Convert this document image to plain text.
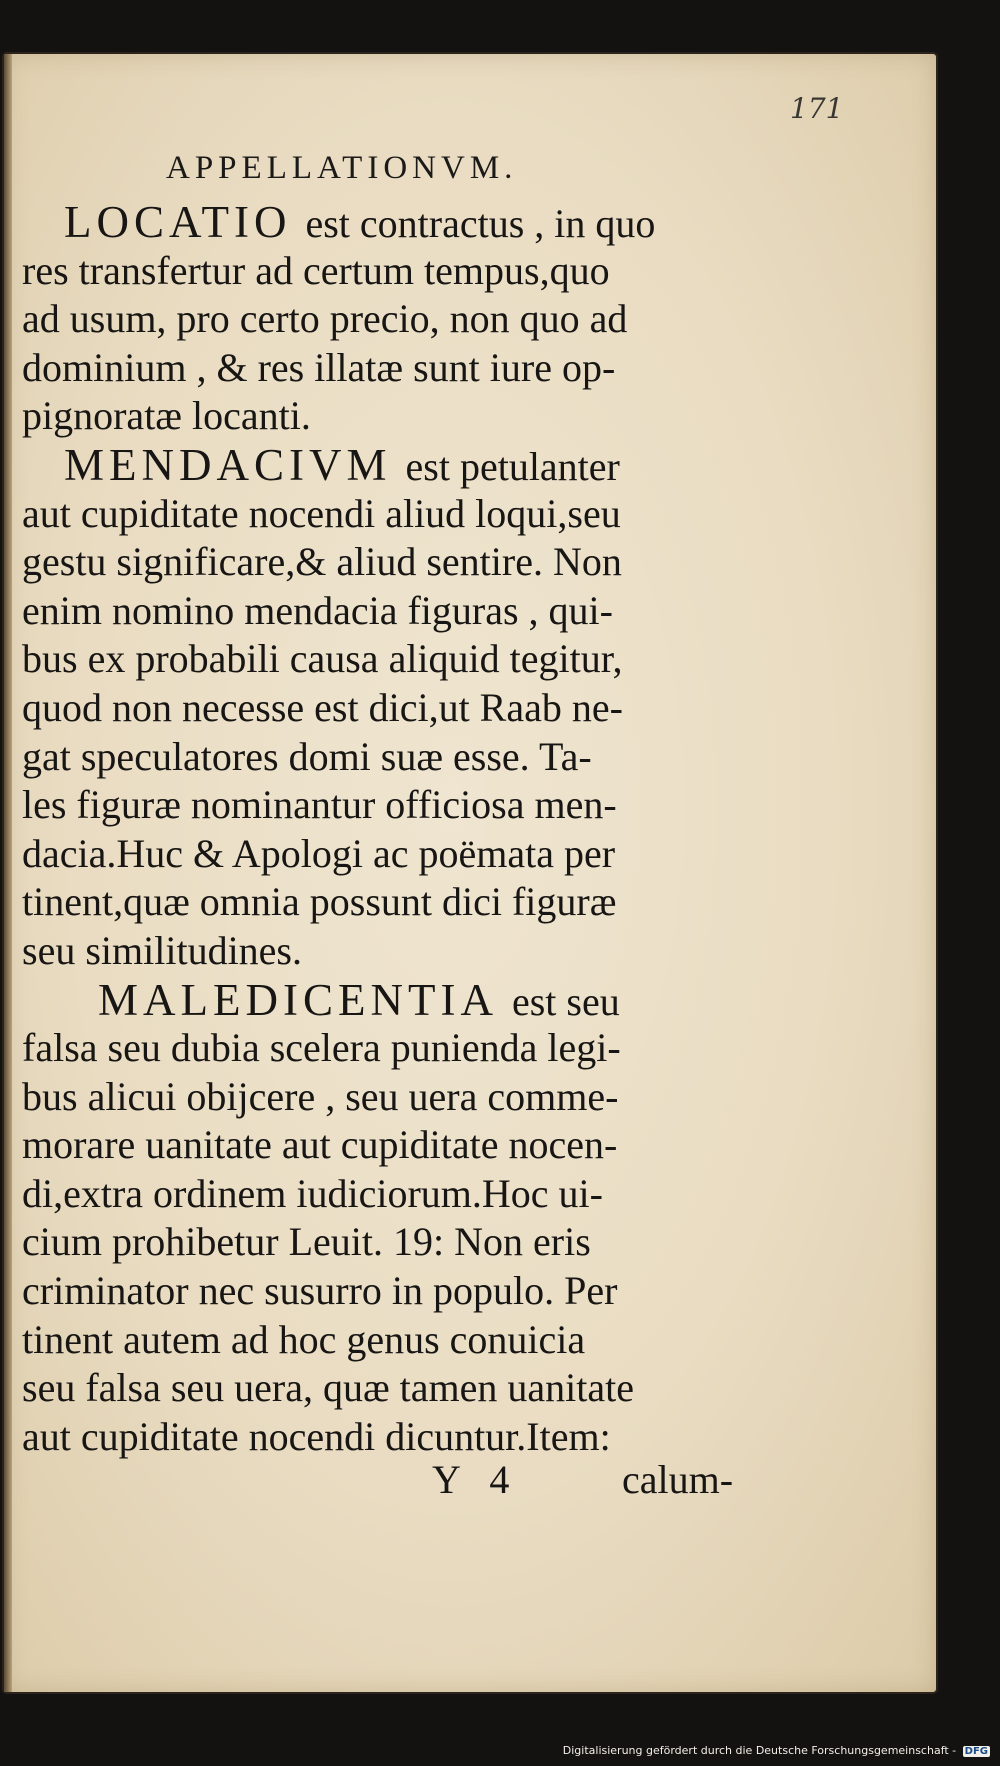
171

APPELLATIONVM.
LOCATIO est contractus , in quo
res transfertur ad certum tempus,quo
ad usum, pro certo precio, non quo ad
dominium , & res illatæ sunt iure op-
pignoratæ locanti.
MENDACIVM est petulanter
aut cupiditate nocendi aliud loqui,seu
gestu significare,& aliud sentire. Non
enim nomino mendacia figuras , qui-
bus ex probabili causa aliquid tegitur,
quod non necesse est dici,ut Raab ne-
gat speculatores domi suæ esse. Ta-
les figuræ nominantur officiosa men-
dacia.Huc & Apologi ac poëmata per
tinent,quæ omnia possunt dici figuræ
seu similitudines.
MALEDICENTIA est seu
falsa seu dubia scelera punienda legi-
bus alicui obijcere , seu uera comme-
morare uanitate aut cupiditate nocen-
di,extra ordinem iudiciorum.Hoc ui-
cium prohibetur Leuit. 19: Non eris
criminator nec susurro in populo. Per
tinent autem ad hoc genus conuicia
seu falsa seu uera, quæ tamen uanitate
aut cupiditate nocendi dicuntur.Item:

Y 4	calum-

Digitalisierung gefördert durch die Deutsche Forschungsgemeinschaft - DFG
